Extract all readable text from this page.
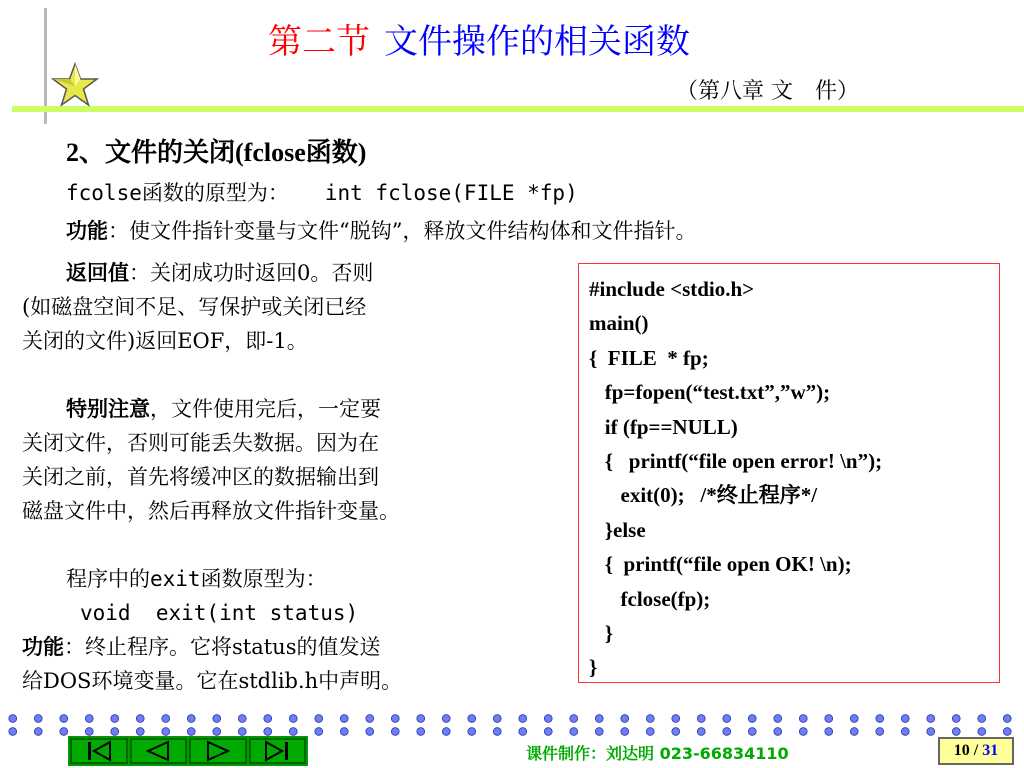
第二节 文件操作的相关函数
（第八章 文　件）
2、文件的关闭(fclose函数)
fcolse函数的原型为： int fclose(FILE *fp)
功能：使文件指针变量与文件“脱钩”，释放文件结构体和文件指针。
返回值：关闭成功时返回0。否则
(如磁盘空间不足、写保护或关闭已经
关闭的文件)返回EOF，即-1。
特别注意，文件使用完后，一定要
关闭文件，否则可能丢失数据。因为在
关闭之前，首先将缓冲区的数据输出到
磁盘文件中，然后再释放文件指针变量。
程序中的exit函数原型为：
void  exit(int status)
功能：终止程序。它将status的值发送
给DOS环境变量。它在stdlib.h中声明。
#include <stdio.h>
main()
{  FILE  * fp;
fp=fopen(“test.txt”,”w”);
if (fp==NULL)
{   printf(“file open error! \n”);
exit(0);   /*终止程序*/
}else
{  printf(“file open OK! \n);
fclose(fp);
}
}
课件制作：刘达明 023-66834110	10 / 31
